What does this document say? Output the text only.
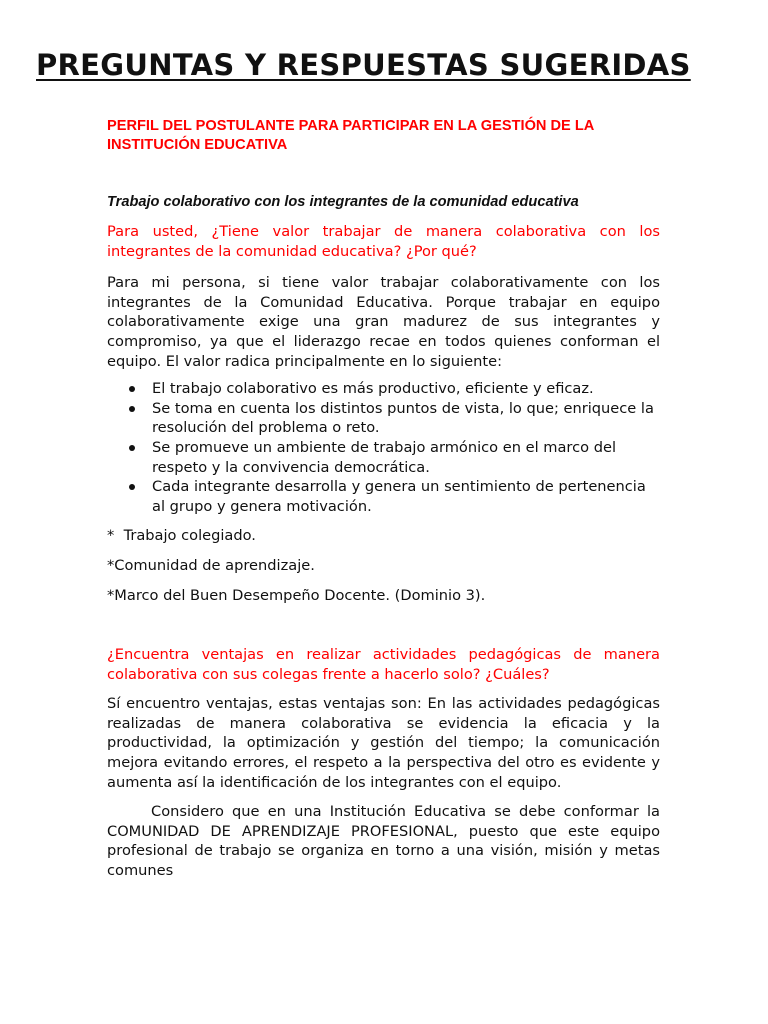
PREGUNTAS Y RESPUESTAS SUGERIDAS
PERFIL DEL POSTULANTE PARA PARTICIPAR EN LA GESTIÓN DE LA
INSTITUCIÓN EDUCATIVA
Trabajo colaborativo con los integrantes de la comunidad educativa

Para usted, ¿Tiene valor trabajar de manera colaborativa con los integrantes de la comunidad educativa? ¿Por qué?

Para mi persona, si tiene valor trabajar colaborativamente con los integrantes de la Comunidad Educativa. Porque trabajar en equipo colaborativamente exige una gran madurez de sus integrantes y compromiso, ya que el liderazgo recae en todos quienes conforman el equipo. El valor radica principalmente en lo siguiente:

El trabajo colaborativo es más productivo, eficiente y eficaz.
Se toma en cuenta los distintos puntos de vista, lo que; enriquece la resolución del problema o reto.
Se promueve un ambiente de trabajo armónico en el marco del respeto y la convivencia democrática.
Cada integrante desarrolla y genera un sentimiento de pertenencia al grupo y genera motivación.

*  Trabajo colegiado.

*Comunidad de aprendizaje.

*Marco del Buen Desempeño Docente. (Dominio 3).

¿Encuentra ventajas en realizar actividades pedagógicas de manera colaborativa con sus colegas frente a hacerlo solo? ¿Cuáles?

Sí encuentro ventajas, estas ventajas son: En las actividades pedagógicas realizadas de manera colaborativa se evidencia la eficacia y la productividad, la optimización y gestión del tiempo; la comunicación mejora evitando errores, el respeto a la perspectiva del otro es evidente y aumenta así la identificación de los integrantes con el equipo.

Considero que en una Institución Educativa se debe conformar la COMUNIDAD DE APRENDIZAJE PROFESIONAL, puesto que este equipo profesional de trabajo se organiza en torno a una visión, misión y metas comunes
